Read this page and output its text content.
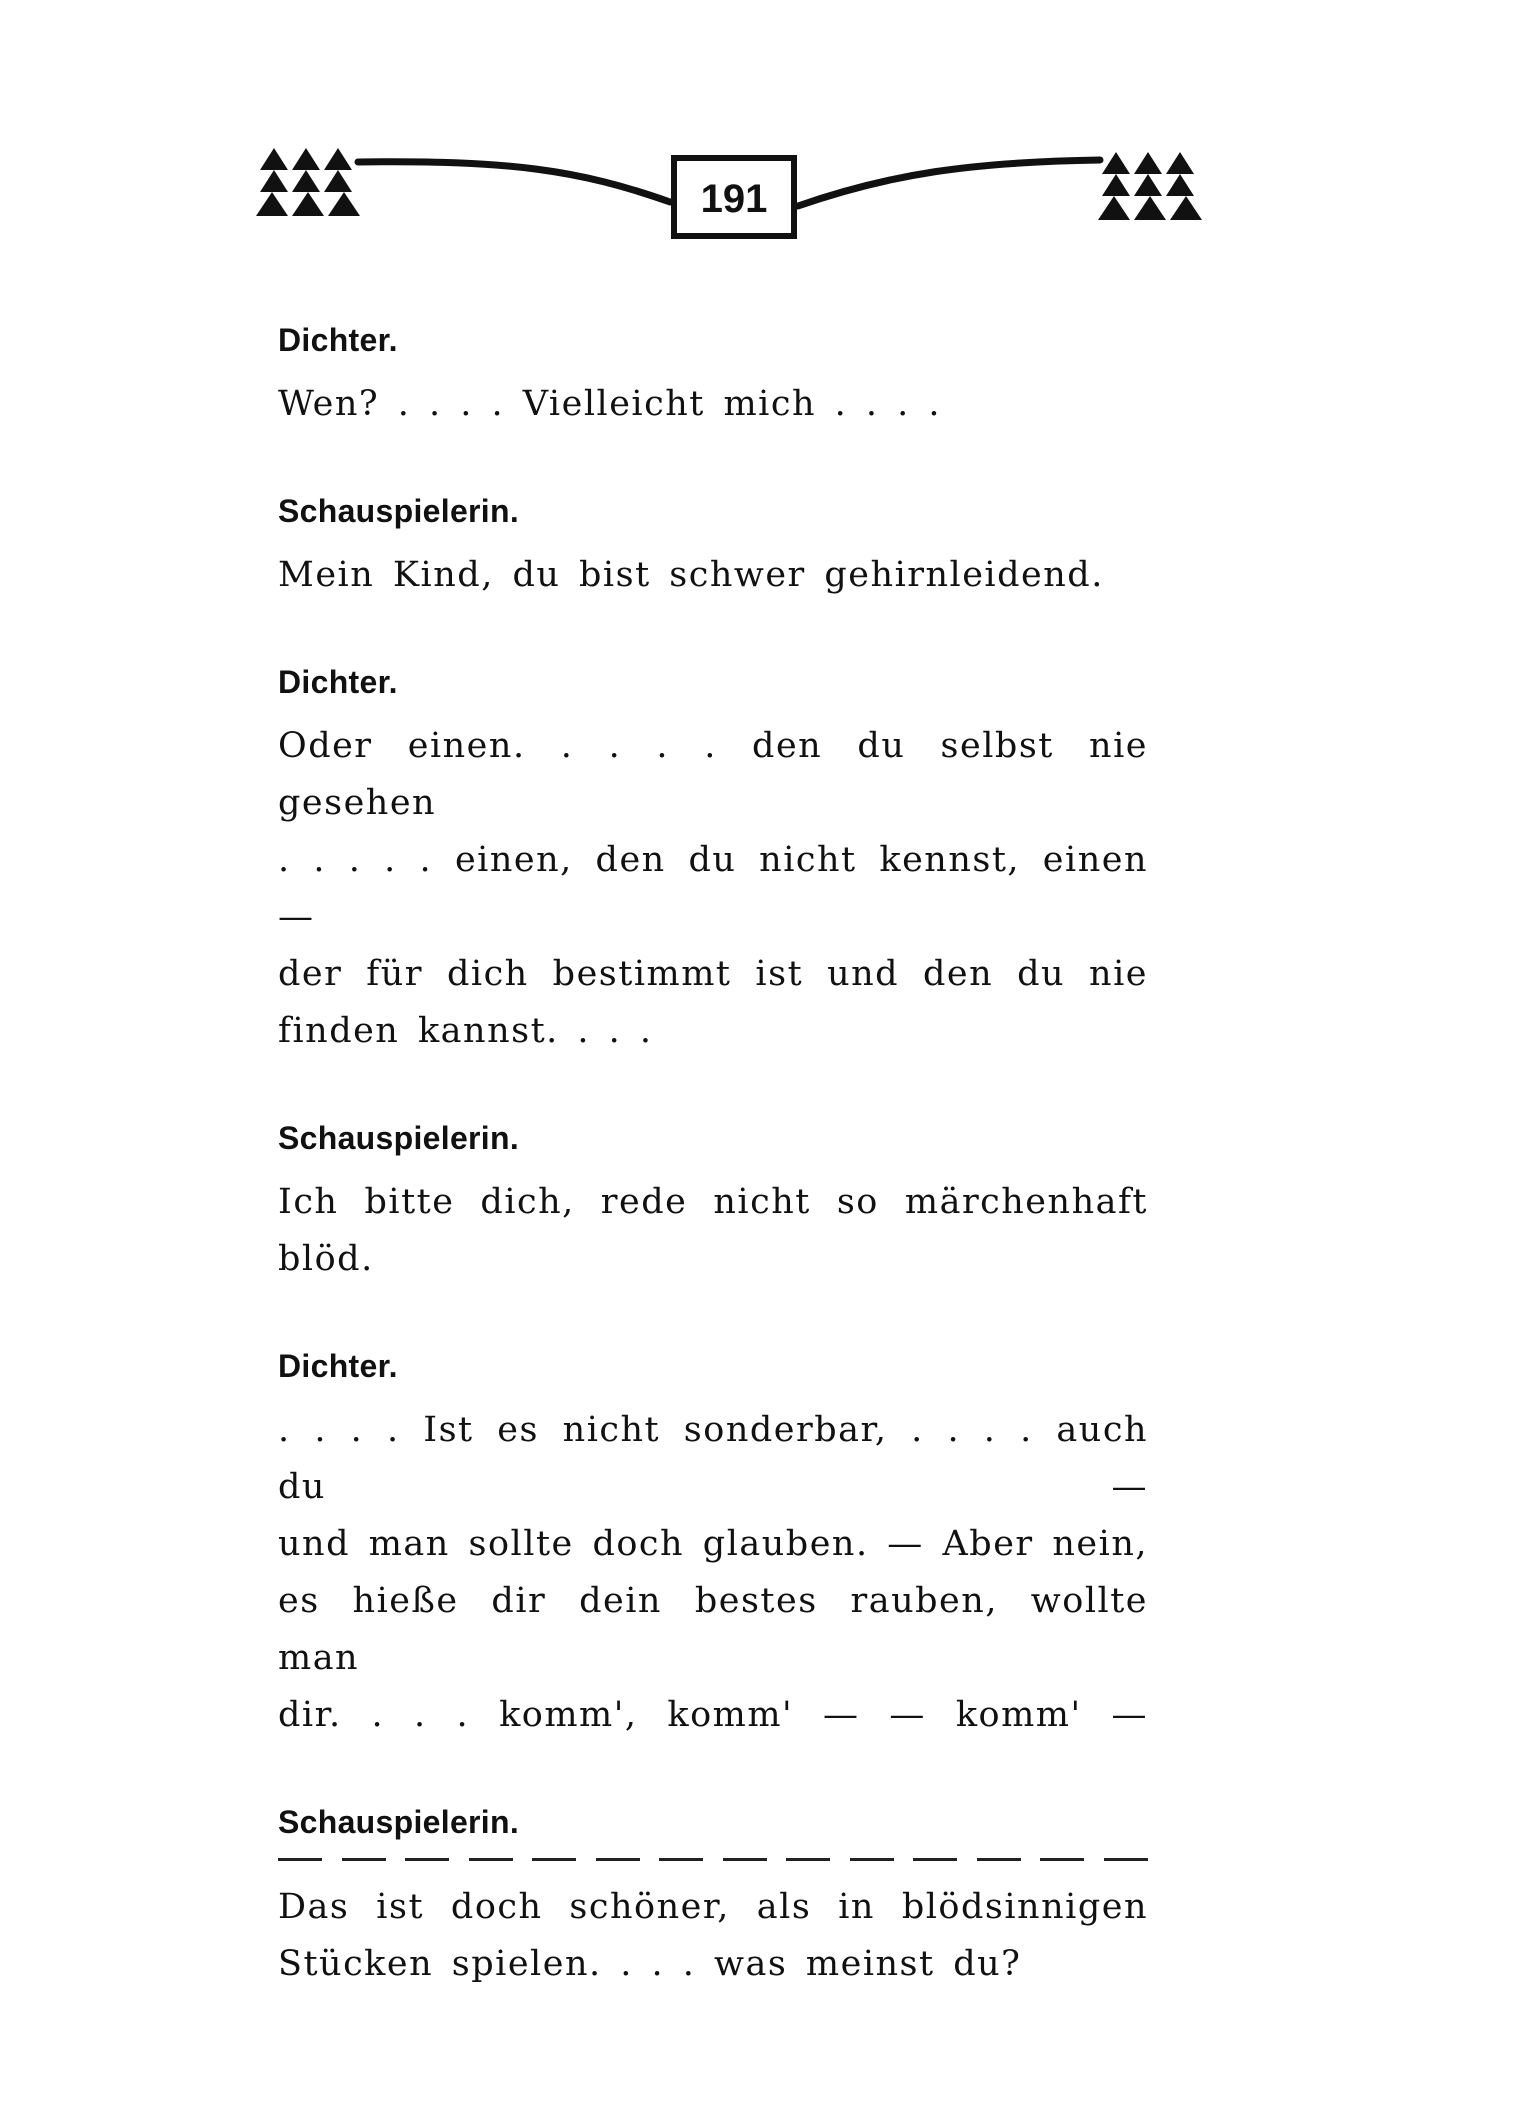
191
Dichter.

Wen? . . . . Vielleicht mich . . . .

Schauspielerin.

Mein Kind, du bist schwer gehirnleidend.

Dichter.

Oder einen. . . . . den du selbst nie gesehen
. . . . . einen, den du nicht kennst, einen —
der für dich bestimmt ist und den du nie
finden kannst. . . .

Schauspielerin.

Ich bitte dich, rede nicht so märchenhaft blöd.

Dichter.

. . . . Ist es nicht sonderbar, . . . . auch du —
und man sollte doch glauben. — Aber nein,
es hieße dir dein bestes rauben, wollte man
dir. . . . komm', komm' — — komm' —

Schauspielerin.

Das ist doch schöner, als in blödsinnigen
Stücken spielen. . . . was meinst du?
